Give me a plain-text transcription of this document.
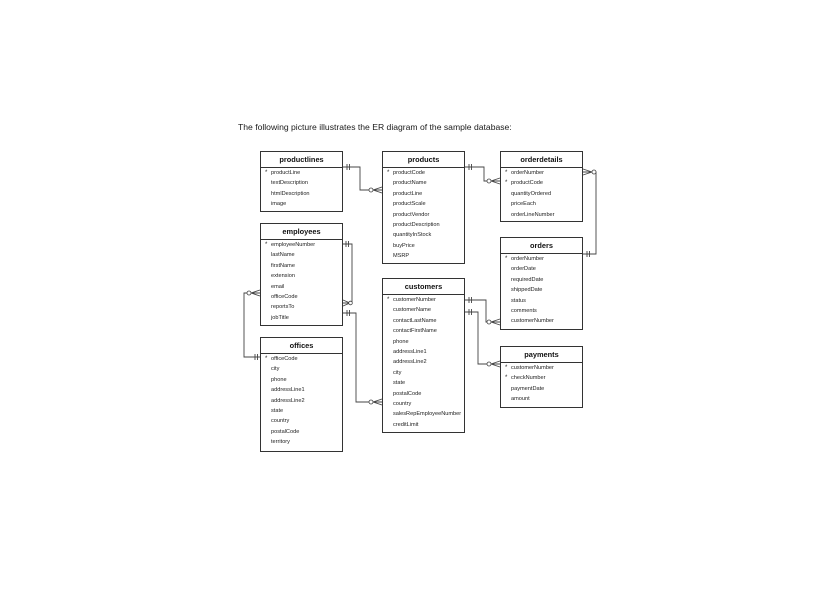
The following picture illustrates the ER diagram of the sample database:
productlines
* productLine
textDescription
htmlDescription
image
products
* productCode
productName
productLine
productScale
productVendor
productDescription
quantityInStock
buyPrice
MSRP
orderdetails
* orderNumber
* productCode
quantityOrdered
priceEach
orderLineNumber
employees
* employeeNumber
lastName
firstName
extension
email
officeCode
reportsTo
jobTitle
orders
* orderNumber
orderDate
requiredDate
shippedDate
status
comments
customerNumber
customers
* customerNumber
customerName
contactLastName
contactFirstName
phone
addressLine1
addressLine2
city
state
postalCode
country
salesRepEmployeeNumber
creditLimit
offices
* officeCode
city
phone
addressLine1
addressLine2
state
country
postalCode
territory
payments
* customerNumber
* checkNumber
paymentDate
amount
